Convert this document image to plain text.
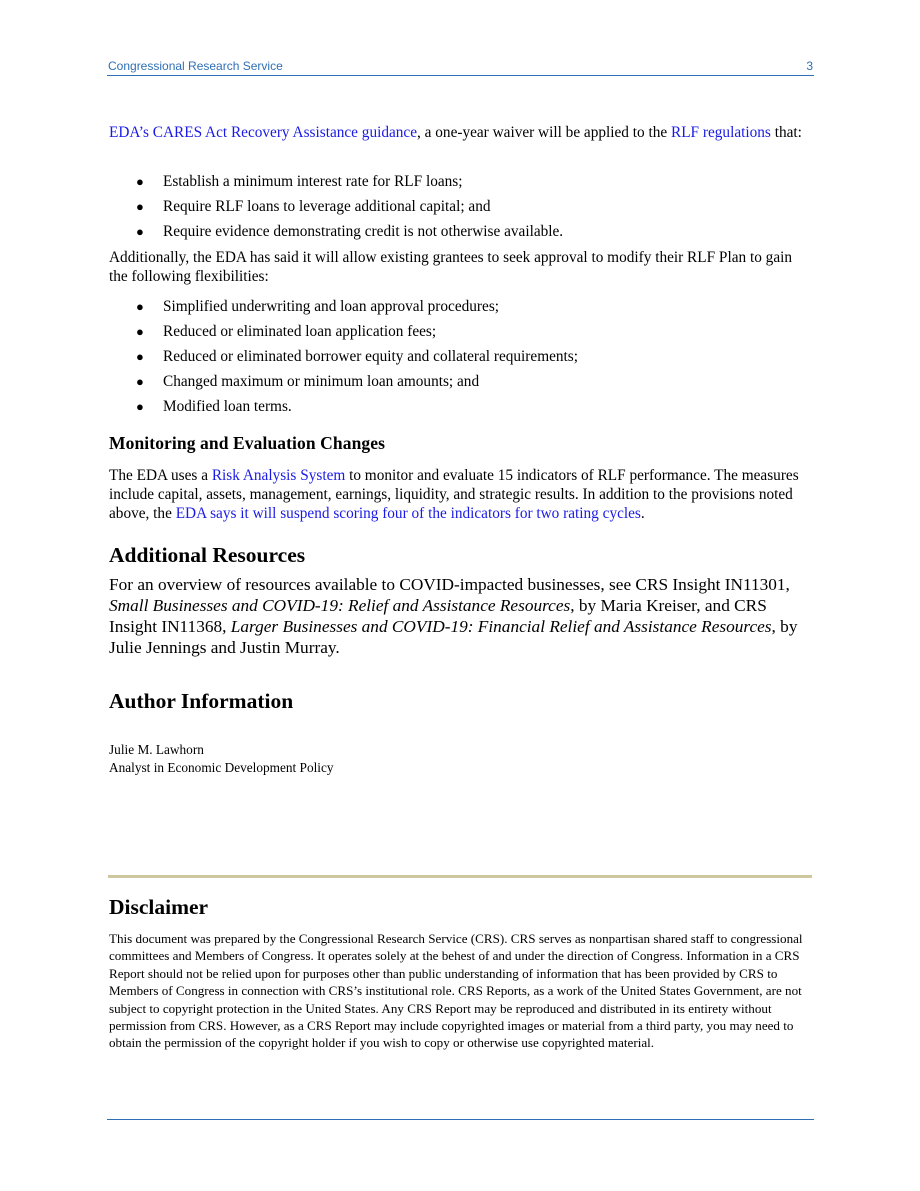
Congressional Research Service	3

EDA’s CARES Act Recovery Assistance guidance, a one-year waiver will be applied to the RLF regulations that:

● Establish a minimum interest rate for RLF loans;
● Require RLF loans to leverage additional capital; and
● Require evidence demonstrating credit is not otherwise available.

Additionally, the EDA has said it will allow existing grantees to seek approval to modify their RLF Plan to gain the following flexibilities:

● Simplified underwriting and loan approval procedures;
● Reduced or eliminated loan application fees;
● Reduced or eliminated borrower equity and collateral requirements;
● Changed maximum or minimum loan amounts; and
● Modified loan terms.
Monitoring and Evaluation Changes

The EDA uses a Risk Analysis System to monitor and evaluate 15 indicators of RLF performance. The measures include capital, assets, management, earnings, liquidity, and strategic results. In addition to the provisions noted above, the EDA says it will suspend scoring four of the indicators for two rating cycles.

Additional Resources

For an overview of resources available to COVID-impacted businesses, see CRS Insight IN11301, Small Businesses and COVID-19: Relief and Assistance Resources, by Maria Kreiser, and CRS Insight IN11368, Larger Businesses and COVID-19: Financial Relief and Assistance Resources, by Julie Jennings and Justin Murray.

Author Information
Julie M. Lawhorn
Analyst in Economic Development Policy
Disclaimer

This document was prepared by the Congressional Research Service (CRS). CRS serves as nonpartisan shared staff to congressional committees and Members of Congress. It operates solely at the behest of and under the direction of Congress. Information in a CRS Report should not be relied upon for purposes other than public understanding of information that has been provided by CRS to Members of Congress in connection with CRS’s institutional role. CRS Reports, as a work of the United States Government, are not subject to copyright protection in the United States. Any CRS Report may be reproduced and distributed in its entirety without permission from CRS. However, as a CRS Report may include copyrighted images or material from a third party, you may need to obtain the permission of the copyright holder if you wish to copy or otherwise use copyrighted material.
